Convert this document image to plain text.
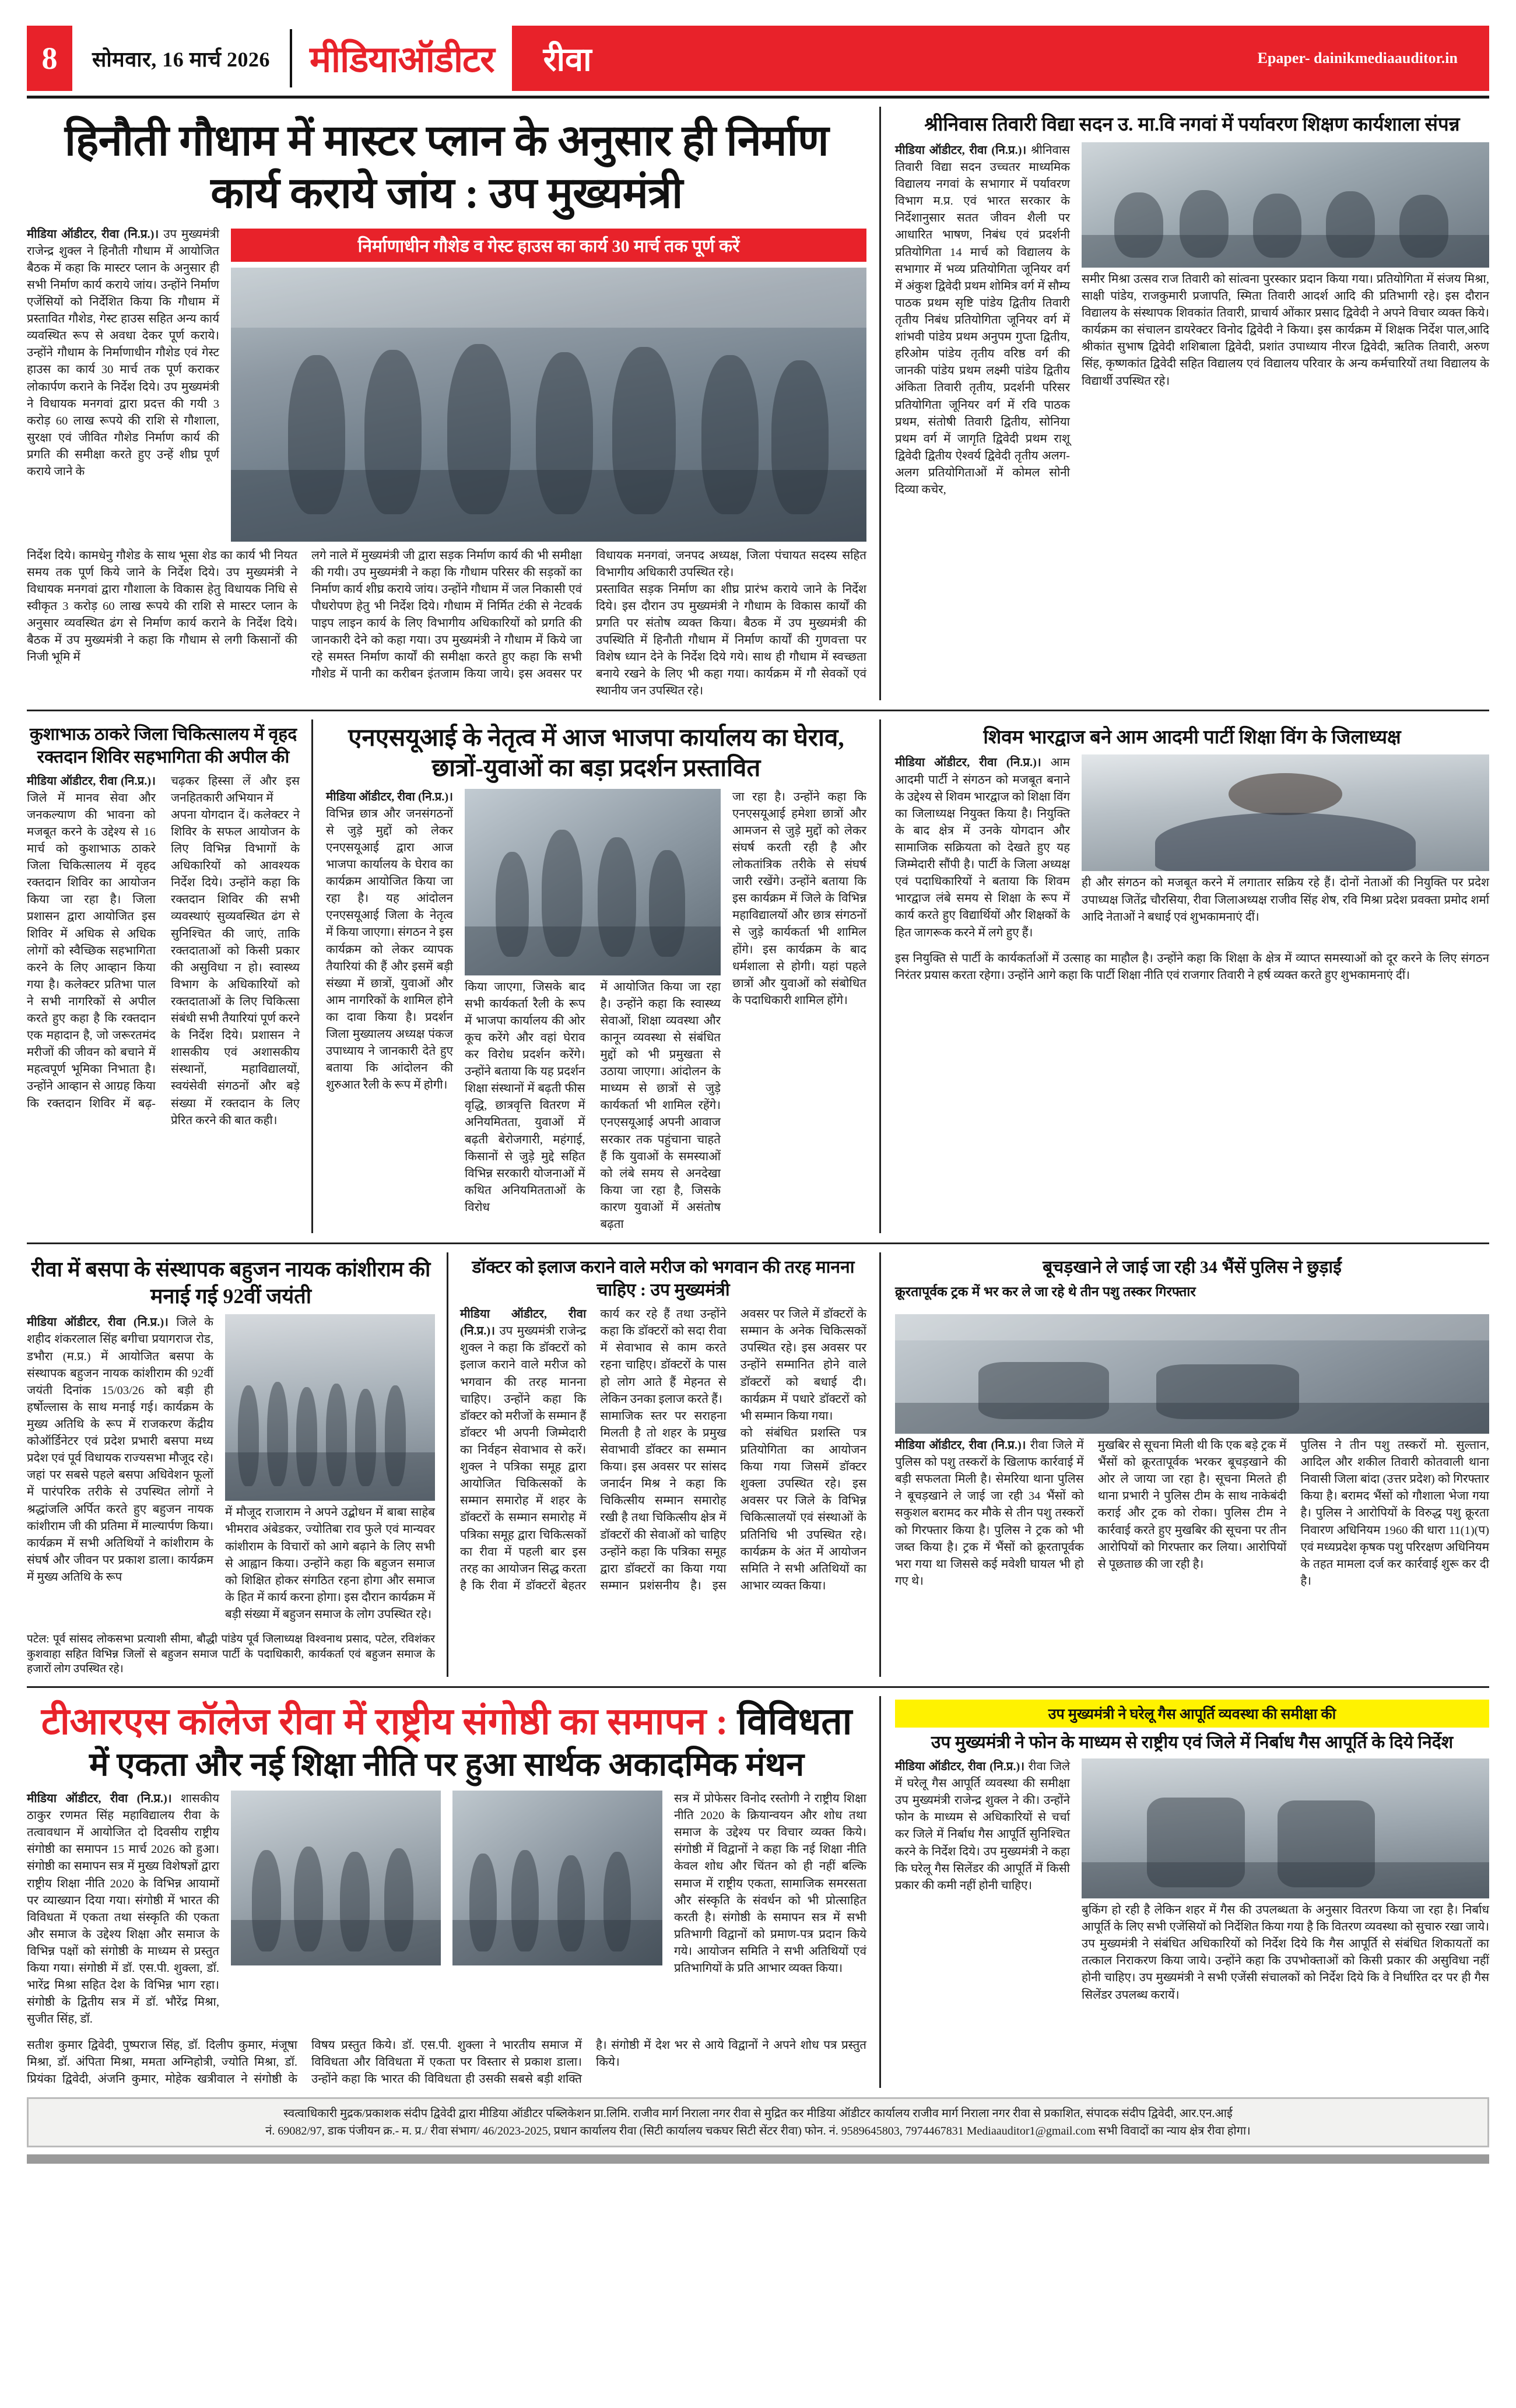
8	सोमवार, 16 मार्च 2026	मीडियाऑडीटर	रीवा	Epaper- dainikmediaauditor.in
हिनौती गौधाम में मास्टर प्लान के अनुसार ही निर्माण कार्य कराये जांय : उप मुख्यमंत्री

मीडिया ऑडीटर, रीवा (नि.प्र.)। उप मुख्यमंत्री राजेन्द्र शुक्ल ने हिनौती गौधाम में आयोजित बैठक में कहा कि मास्टर प्लान के अनुसार ही सभी निर्माण कार्य कराये जांय। उन्होंने निर्माण एजेंसियों को निर्देशित किया कि गौधाम में प्रस्तावित गौशेड, गेस्ट हाउस सहित अन्य कार्य व्यवस्थित रूप से अवधा देकर पूर्ण कराये। उन्होंने गौधाम के निर्माणाधीन गौशेड एवं गेस्ट हाउस का कार्य 30 मार्च तक पूर्ण कराकर लोकार्पण कराने के निर्देश दिये। उप मुख्यमंत्री ने विधायक मनगवां द्वारा प्रदत्त की गयी 3 करोड़ 60 लाख रूपये की राशि से गौशाला, सुरक्षा एवं जीवित गौशेड निर्माण कार्य की प्रगति की समीक्षा करते हुए उन्हें शीघ्र पूर्ण कराये जाने के

निर्माणाधीन गौशेड व गेस्ट हाउस का कार्य 30 मार्च तक पूर्ण करें

निर्देश दिये। कामधेनु गौशेड के साथ भूसा शेड का कार्य भी नियत समय तक पूर्ण किये जाने के निर्देश दिये। उप मुख्यमंत्री ने विधायक मनगवां द्वारा गौशाला के विकास हेतु विधायक निधि से स्वीकृत 3 करोड़ 60 लाख रूपये की राशि से मास्टर प्लान के अनुसार व्यवस्थित ढंग से निर्माण कार्य कराने के निर्देश दिये। बैठक में उप मुख्यमंत्री ने कहा कि गौधाम से लगी किसानों की निजी भूमि में

लगे नाले में मुख्यमंत्री जी द्वारा सड़क निर्माण कार्य की भी समीक्षा की गयी। उप मुख्यमंत्री ने कहा कि गौधाम परिसर की सड़कों का निर्माण कार्य शीघ्र कराये जांय। उन्होंने गौधाम में जल निकासी एवं पौधरोपण हेतु भी निर्देश दिये। गौधाम में निर्मित टंकी से नेटवर्क पाइप लाइन कार्य के लिए विभागीय अधिकारियों को प्रगति की जानकारी देने को कहा गया। उप मुख्यमंत्री ने गौधाम में किये जा रहे समस्त निर्माण कार्यों की समीक्षा करते हुए कहा कि सभी गौशेड में पानी का करीबन इंतजाम किया जाये। इस अवसर पर विधायक मनगवां, जनपद अध्यक्ष, जिला पंचायत सदस्य सहित विभागीय अधिकारी उपस्थित रहे।

प्रस्तावित सड़क निर्माण का शीघ्र प्रारंभ कराये जाने के निर्देश दिये। इस दौरान उप मुख्यमंत्री ने गौधाम के विकास कार्यों की प्रगति पर संतोष व्यक्त किया। बैठक में उप मुख्यमंत्री की उपस्थिति में हिनौती गौधाम में निर्माण कार्यों की गुणवत्ता पर विशेष ध्यान देने के निर्देश दिये गये। साथ ही गौधाम में स्वच्छता बनाये रखने के लिए भी कहा गया। कार्यक्रम में गौ सेवकों एवं स्थानीय जन उपस्थित रहे।

श्रीनिवास तिवारी विद्या सदन उ. मा.वि नगवां में पर्यावरण शिक्षण कार्यशाला संपन्न

मीडिया ऑडीटर, रीवा (नि.प्र.)। श्रीनिवास तिवारी विद्या सदन उच्चतर माध्यमिक विद्यालय नगवां के सभागार में पर्यावरण विभाग म.प्र. एवं भारत सरकार के निर्देशानुसार सतत जीवन शैली पर आधारित भाषण, निबंध एवं प्रदर्शनी प्रतियोगिता 14 मार्च को विद्यालय के सभागार में भव्य प्रतियोगिता जूनियर वर्ग में अंकुश द्विवेदी प्रथम शोमित्र वर्ग में सौम्य पाठक प्रथम सृष्टि पांडेय द्वितीय तिवारी तृतीय निबंध प्रतियोगिता जूनियर वर्ग में शांभवी पांडेय प्रथम अनुपम गुप्ता द्वितीय, हरिओम पांडेय तृतीय वरिष्ठ वर्ग की जानकी पांडेय प्रथम लक्ष्मी पांडेय द्वितीय अंकिता तिवारी तृतीय, प्रदर्शनी परिसर प्रतियोगिता जूनियर वर्ग में रवि पाठक प्रथम, संतोषी तिवारी द्वितीय, सोनिया प्रथम वर्ग में जागृति द्विवेदी प्रथम राशू द्विवेदी द्वितीय ऐश्वर्य द्विवेदी तृतीय अलग-अलग प्रतियोगिताओं में कोमल सोनी दिव्या कचेर,

समीर मिश्रा उत्सव राज तिवारी को सांत्वना पुरस्कार प्रदान किया गया। प्रतियोगिता में संजय मिश्रा, साक्षी पांडेय, राजकुमारी प्रजापति, स्मिता तिवारी आदर्श आदि की प्रतिभागी रहे। इस दौरान विद्यालय के संस्थापक शिवकांत तिवारी, प्राचार्य ओंकार प्रसाद द्विवेदी ने अपने विचार व्यक्त किये। कार्यक्रम का संचालन डायरेक्टर विनोद द्विवेदी ने किया। इस कार्यक्रम में शिक्षक निर्देश पाल,आदि श्रीकांत सुभाष द्विवेदी शशिबाला द्विवेदी, प्रशांत उपाध्याय नीरज द्विवेदी, ऋतिक तिवारी, अरुण सिंह, कृष्णकांत द्विवेदी सहित विद्यालय एवं विद्यालय परिवार के अन्य कर्मचारियों तथा विद्यालय के विद्यार्थी उपस्थित रहे।

कुशाभाऊ ठाकरे जिला चिकित्सालय में वृहद रक्तदान शिविर सहभागिता की अपील की

मीडिया ऑडीटर, रीवा (नि.प्र.)। जिले में मानव सेवा और जनकल्याण की भावना को मजबूत करने के उद्देश्य से 16 मार्च को कुशाभाऊ ठाकरे जिला चिकित्सालय में वृहद रक्तदान शिविर का आयोजन किया जा रहा है। जिला प्रशासन द्वारा आयोजित इस शिविर में अधिक से अधिक लोगों को स्वैच्छिक सहभागिता करने के लिए आव्हान किया गया है। कलेक्टर प्रतिभा पाल ने सभी नागरिकों से अपील करते हुए कहा है कि रक्तदान एक महादान है, जो जरूरतमंद मरीजों की जीवन को बचाने में महत्वपूर्ण भूमिका निभाता है। उन्होंने आव्हान से आग्रह किया कि रक्तदान शिविर में बढ़-चढ़कर हिस्सा लें और इस जनहितकारी अभियान में

अपना योगदान दें। कलेक्टर ने शिविर के सफल आयोजन के लिए विभिन्न विभागों के अधिकारियों को आवश्यक निर्देश दिये। उन्होंने कहा कि रक्तदान शिविर की सभी व्यवस्थाएं सुव्यवस्थित ढंग से सुनिश्चित की जाएं, ताकि रक्तदाताओं को किसी प्रकार की असुविधा न हो। स्वास्थ्य विभाग के अधिकारियों को रक्तदाताओं के लिए चिकित्सा संबंधी सभी तैयारियां पूर्ण करने के निर्देश दिये। प्रशासन ने शासकीय एवं अशासकीय संस्थानों, महाविद्यालयों, स्वयंसेवी संगठनों और बड़े संख्या में रक्तदान के लिए प्रेरित करने की बात कही।

एनएसयूआई के नेतृत्व में आज भाजपा कार्यालय का घेराव, छात्रों-युवाओं का बड़ा प्रदर्शन प्रस्तावित

मीडिया ऑडीटर, रीवा (नि.प्र.)। विभिन्न छात्र और जनसंगठनों से जुड़े मुद्दों को लेकर एनएसयूआई द्वारा आज भाजपा कार्यालय के घेराव का कार्यक्रम आयोजित किया जा रहा है। यह आंदोलन एनएसयूआई जिला के नेतृत्व में किया जाएगा। संगठन ने इस कार्यक्रम को लेकर व्यापक तैयारियां की हैं और इसमें बड़ी संख्या में छात्रों, युवाओं और आम नागरिकों के शामिल होने का दावा किया है। प्रदर्शन जिला मुख्यालय अध्यक्ष पंकज उपाध्याय ने जानकारी देते हुए बताया कि आंदोलन की शुरुआत रैली के रूप में होगी।

किया जाएगा, जिसके बाद सभी कार्यकर्ता रैली के रूप में भाजपा कार्यालय की ओर कूच करेंगे और वहां घेराव कर विरोध प्रदर्शन करेंगे। उन्होंने बताया कि यह प्रदर्शन शिक्षा संस्थानों में बढ़ती फीस वृद्धि, छात्रवृत्ति वितरण में अनियमितता, युवाओं में बढ़ती बेरोजगारी, महंगाई, किसानों से जुड़े मुद्दे सहित विभिन्न सरकारी योजनाओं में कथित अनियमितताओं के विरोध

में आयोजित किया जा रहा है। उन्होंने कहा कि स्वास्थ्य सेवाओं, शिक्षा व्यवस्था और कानून व्यवस्था से संबंधित मुद्दों को भी प्रमुखता से उठाया जाएगा। आंदोलन के माध्यम से छात्रों से जुड़े कार्यकर्ता भी शामिल रहेंगे। एनएसयूआई अपनी आवाज सरकार तक पहुंचाना चाहते हैं कि युवाओं के समस्याओं को लंबे समय से अनदेखा किया जा रहा है, जिसके कारण युवाओं में असंतोष बढ़ता

जा रहा है। उन्होंने कहा कि एनएसयूआई हमेशा छात्रों और आमजन से जुड़े मुद्दों को लेकर संघर्ष करती रही है और लोकतांत्रिक तरीके से संघर्ष जारी रखेंगे। उन्होंने बताया कि इस कार्यक्रम में जिले के विभिन्न महाविद्यालयों और छात्र संगठनों से जुड़े कार्यकर्ता भी शामिल होंगे। इस कार्यक्रम के बाद धर्मशाला से होगी। यहां पहले छात्रों और युवाओं को संबोधित के पदाधिकारी शामिल होंगे।

शिवम भारद्वाज बने आम आदमी पार्टी शिक्षा विंग के जिलाध्यक्ष

मीडिया ऑडीटर, रीवा (नि.प्र.)। आम आदमी पार्टी ने संगठन को मजबूत बनाने के उद्देश्य से शिवम भारद्वाज को शिक्षा विंग का जिलाध्यक्ष नियुक्त किया है। नियुक्ति के बाद क्षेत्र में उनके योगदान और सामाजिक सक्रियता को देखते हुए यह जिम्मेदारी सौंपी है। पार्टी के जिला अध्यक्ष एवं पदाधिकारियों ने बताया कि शिवम भारद्वाज लंबे समय से शिक्षा के रूप में कार्य करते हुए विद्यार्थियों और शिक्षकों के हित जागरूक करने में लगे हुए हैं।

ही और संगठन को मजबूत करने में लगातार सक्रिय रहे हैं। दोनों नेताओं की नियुक्ति पर प्रदेश उपाध्यक्ष जितेंद्र चौरसिया, रीवा जिलाअध्यक्ष राजीव सिंह शेष, रवि मिश्रा प्रदेश प्रवक्ता प्रमोद शर्मा आदि नेताओं ने बधाई एवं शुभकामनाएं दीं।

इस नियुक्ति से पार्टी के कार्यकर्ताओं में उत्साह का माहौल है। उन्होंने कहा कि शिक्षा के क्षेत्र में व्याप्त समस्याओं को दूर करने के लिए संगठन निरंतर प्रयास करता रहेगा। उन्होंने आगे कहा कि पार्टी शिक्षा नीति एवं राजगार तिवारी ने हर्ष व्यक्त करते हुए शुभकामनाएं दीं।

रीवा में बसपा के संस्थापक बहुजन नायक कांशीराम की मनाई गई 92वीं जयंती

मीडिया ऑडीटर, रीवा (नि.प्र.)। जिले के शहीद शंकरलाल सिंह बगीचा प्रयागराज रोड, डभौरा (म.प्र.) में आयोजित बसपा के संस्थापक बहुजन नायक कांशीराम की 92वीं जयंती दिनांक 15/03/26 को बड़ी ही हर्षोल्लास के साथ मनाई गई। कार्यक्रम के मुख्य अतिथि के रूप में राजकरण केंद्रीय कोऑर्डिनेटर एवं प्रदेश प्रभारी बसपा मध्य प्रदेश एवं पूर्व विधायक राज्यसभा मौजूद रहे। जहां पर सबसे पहले बसपा अधिवेशन फूलों में पारंपरिक तरीके से उपस्थित लोगों ने श्रद्धांजलि अर्पित करते हुए बहुजन नायक कांशीराम जी की प्रतिमा में माल्यार्पण किया। कार्यक्रम में सभी अतिथियों ने कांशीराम के संघर्ष और जीवन पर प्रकाश डाला। कार्यक्रम में मुख्य अतिथि के रूप

में मौजूद राजाराम ने अपने उद्बोधन में बाबा साहेब भीमराव अंबेडकर, ज्योतिबा राव फुले एवं मान्यवर कांशीराम के विचारों को आगे बढ़ाने के लिए सभी से आह्वान किया। उन्होंने कहा कि बहुजन समाज को शिक्षित होकर संगठित रहना होगा और समाज के हित में कार्य करना होगा। इस दौरान कार्यक्रम में बड़ी संख्या में बहुजन समाज के लोग उपस्थित रहे।

पटेल: पूर्व सांसद लोकसभा प्रत्याशी सीमा, बौद्धी पांडेय पूर्व जिलाध्यक्ष विश्वनाथ प्रसाद, पटेल, रविशंकर कुशवाहा सहित विभिन्न जिलों से बहुजन समाज पार्टी के पदाधिकारी, कार्यकर्ता एवं बहुजन समाज के हजारों लोग उपस्थित रहे।
डॉक्टर को इलाज कराने वाले मरीज को भगवान की तरह मानना चाहिए : उप मुख्यमंत्री

मीडिया ऑडीटर, रीवा (नि.प्र.)। उप मुख्यमंत्री राजेन्द्र शुक्ल ने कहा कि डॉक्टरों को इलाज कराने वाले मरीज को भगवान की तरह मानना चाहिए। उन्होंने कहा कि डॉक्टर को मरीजों के सम्मान हैं डॉक्टर भी अपनी जिम्मेदारी का निर्वहन सेवाभाव से करें। शुक्ल ने पत्रिका समूह द्वारा आयोजित चिकित्सकों के सम्मान समारोह में शहर के डॉक्टरों के सम्मान समारोह में पत्रिका समूह द्वारा चिकित्सकों का रीवा में पहली बार इस तरह का आयोजन सिद्ध करता है कि रीवा में डॉक्टरों बेहतर कार्य कर रहे हैं तथा उन्होंने कहा कि डॉक्टरों को सदा रीवा में सेवाभाव से काम करते रहना चाहिए। डॉक्टरों के पास हो लोग आते हैं मेहनत से लेकिन उनका इलाज करते हैं।

सामाजिक स्तर पर सराहना मिलती है तो शहर के प्रमुख सेवाभावी डॉक्टर का सम्मान किया। इस अवसर पर सांसद जनार्दन मिश्र ने कहा कि चिकित्सीय सम्मान समारोह रखी है तथा चिकित्सीय क्षेत्र में डॉक्टरों की सेवाओं को चाहिए उन्होंने कहा कि पत्रिका समूह द्वारा डॉक्टरों का किया गया सम्मान प्रशंसनीय है। इस अवसर पर जिले में डॉक्टरों के सम्मान के अनेक चिकित्सकों उपस्थित रहे। इस अवसर पर उन्होंने सम्मानित होने वाले डॉक्टरों को बधाई दी। कार्यक्रम में पधारे डॉक्टरों को भी सम्मान किया गया।

को संबंधित प्रशस्ति पत्र प्रतियोगिता का आयोजन किया गया जिसमें डॉक्टर शुक्ला उपस्थित रहे। इस अवसर पर जिले के विभिन्न चिकित्सालयों एवं संस्थाओं के प्रतिनिधि भी उपस्थित रहे। कार्यक्रम के अंत में आयोजन समिति ने सभी अतिथियों का आभार व्यक्त किया।

बूचड़खाने ले जाई जा रही 34 भैंसें पुलिस ने छुड़ाईं
क्रूरतापूर्वक ट्रक में भर कर ले जा रहे थे तीन पशु तस्कर गिरफ्तार

मीडिया ऑडीटर, रीवा (नि.प्र.)। रीवा जिले में पुलिस को पशु तस्करों के खिलाफ कार्रवाई में बड़ी सफलता मिली है। सेमरिया थाना पुलिस ने बूचड़खाने ले जाई जा रही 34 भैंसों को सकुशल बरामद कर मौके से तीन पशु तस्करों को गिरफ्तार किया है। पुलिस ने ट्रक को भी जब्त किया है। ट्रक में भैंसों को क्रूरतापूर्वक भरा गया था जिससे कई मवेशी घायल भी हो गए थे।

मुखबिर से सूचना मिली थी कि एक बड़े ट्रक में भैंसों को क्रूरतापूर्वक भरकर बूचड़खाने की ओर ले जाया जा रहा है। सूचना मिलते ही थाना प्रभारी ने पुलिस टीम के साथ नाकेबंदी कराई और ट्रक को रोका। पुलिस टीम ने कार्रवाई करते हुए मुखबिर की सूचना पर तीन आरोपियों को गिरफ्तार कर लिया। आरोपियों से पूछताछ की जा रही है।

पुलिस ने तीन पशु तस्करों मो. सुल्तान, आदिल और शकील तिवारी कोतवाली थाना निवासी जिला बांदा (उत्तर प्रदेश) को गिरफ्तार किया है। बरामद भैंसों को गौशाला भेजा गया है। पुलिस ने आरोपियों के विरुद्ध पशु क्रूरता निवारण अधिनियम 1960 की धारा 11(1)(प) एवं मध्यप्रदेश कृषक पशु परिरक्षण अधिनियम के तहत मामला दर्ज कर कार्रवाई शुरू कर दी है।

टीआरएस कॉलेज रीवा में राष्ट्रीय संगोष्ठी का समापन : विविधता
में एकता और नई शिक्षा नीति पर हुआ सार्थक अकादमिक मंथन

मीडिया ऑडीटर, रीवा (नि.प्र.)। शासकीय ठाकुर रणमत सिंह महाविद्यालय रीवा के तत्वावधान में आयोजित दो दिवसीय राष्ट्रीय संगोष्ठी का समापन 15 मार्च 2026 को हुआ। संगोष्ठी का समापन सत्र में मुख्य विशेषज्ञों द्वारा राष्ट्रीय शिक्षा नीति 2020 के विभिन्न आयामों पर व्याख्यान दिया गया। संगोष्ठी में भारत की विविधता में एकता तथा संस्कृति की एकता और समाज के उद्देश्य शिक्षा और समाज के विभिन्न पक्षों को संगोष्ठी के माध्यम से प्रस्तुत किया गया। संगोष्ठी में डॉ. एस.पी. शुक्ला, डॉ. भारेंद्र मिश्रा सहित देश के विभिन्न भाग रहा। संगोष्ठी के द्वितीय सत्र में डॉ. भौरेंद्र मिश्रा, सुजीत सिंह, डॉ.

सत्र में प्रोफेसर विनोद रस्तोगी ने राष्ट्रीय शिक्षा नीति 2020 के क्रियान्वयन और शोध तथा समाज के उद्देश्य पर विचार व्यक्त किये। संगोष्ठी में विद्वानों ने कहा कि नई शिक्षा नीति केवल शोध और चिंतन को ही नहीं बल्कि समाज में राष्ट्रीय एकता, सामाजिक समरसता और संस्कृति के संवर्धन को भी प्रोत्साहित करती है। संगोष्ठी के समापन सत्र में सभी प्रतिभागी विद्वानों को प्रमाण-पत्र प्रदान किये गये। आयोजन समिति ने सभी अतिथियों एवं प्रतिभागियों के प्रति आभार व्यक्त किया।

सतीश कुमार द्विवेदी, पुष्पराज सिंह, डॉ. दिलीप कुमार, मंजूषा मिश्रा, डॉ. अंपिता मिश्रा, ममता अग्निहोत्री, ज्योति मिश्रा, डॉ. प्रियंका द्विवेदी, अंजनि कुमार, मोहेक खत्रीवाल ने संगोष्ठी के विषय प्रस्तुत किये। डॉ. एस.पी. शुक्ला ने भारतीय समाज में विविधता और विविधता में एकता पर विस्तार से प्रकाश डाला। उन्होंने कहा कि भारत की विविधता ही उसकी सबसे बड़ी शक्ति है। संगोष्ठी में देश भर से आये विद्वानों ने अपने शोध पत्र प्रस्तुत किये।

उप मुख्यमंत्री ने घरेलू गैस आपूर्ति व्यवस्था की समीक्षा की
उप मुख्यमंत्री ने फोन के माध्यम से राष्ट्रीय एवं जिले में निर्बाध गैस आपूर्ति के दिये निर्देश

मीडिया ऑडीटर, रीवा (नि.प्र.)। रीवा जिले में घरेलू गैस आपूर्ति व्यवस्था की समीक्षा उप मुख्यमंत्री राजेन्द्र शुक्ल ने की। उन्होंने फोन के माध्यम से अधिकारियों से चर्चा कर जिले में निर्बाध गैस आपूर्ति सुनिश्चित करने के निर्देश दिये। उप मुख्यमंत्री ने कहा कि घरेलू गैस सिलेंडर की आपूर्ति में किसी प्रकार की कमी नहीं होनी चाहिए।

बुकिंग हो रही है लेकिन शहर में गैस की उपलब्धता के अनुसार वितरण किया जा रहा है। निर्बाध आपूर्ति के लिए सभी एजेंसियों को निर्देशित किया गया है कि वितरण व्यवस्था को सुचारु रखा जाये। उप मुख्यमंत्री ने संबंधित अधिकारियों को निर्देश दिये कि गैस आपूर्ति से संबंधित शिकायतों का तत्काल निराकरण किया जाये। उन्होंने कहा कि उपभोक्ताओं को किसी प्रकार की असुविधा नहीं होनी चाहिए। उप मुख्यमंत्री ने सभी एजेंसी संचालकों को निर्देश दिये कि वे निर्धारित दर पर ही गैस सिलेंडर उपलब्ध करायें।

स्वत्वाधिकारी मुद्रक/प्रकाशक संदीप द्विवेदी द्वारा मीडिया ऑडीटर पब्लिकेशन प्रा.लिमि. राजीव मार्ग निराला नगर रीवा से मुद्रित कर मीडिया ऑडीटर कार्यालय राजीव मार्ग निराला नगर रीवा से प्रकाशित, संपादक संदीप द्विवेदी, आर.एन.आई
नं. 69082/97, डाक पंजीयन क्र.- म. प्र./ रीवा संभाग/ 46/2023-2025, प्रधान कार्यालय रीवा (सिटी कार्यालय चकघर सिटी सेंटर रीवा) फोन. नं. 9589645803, 7974467831 Mediaauditor1@gmail.com सभी विवादों का न्याय क्षेत्र रीवा होगा।
